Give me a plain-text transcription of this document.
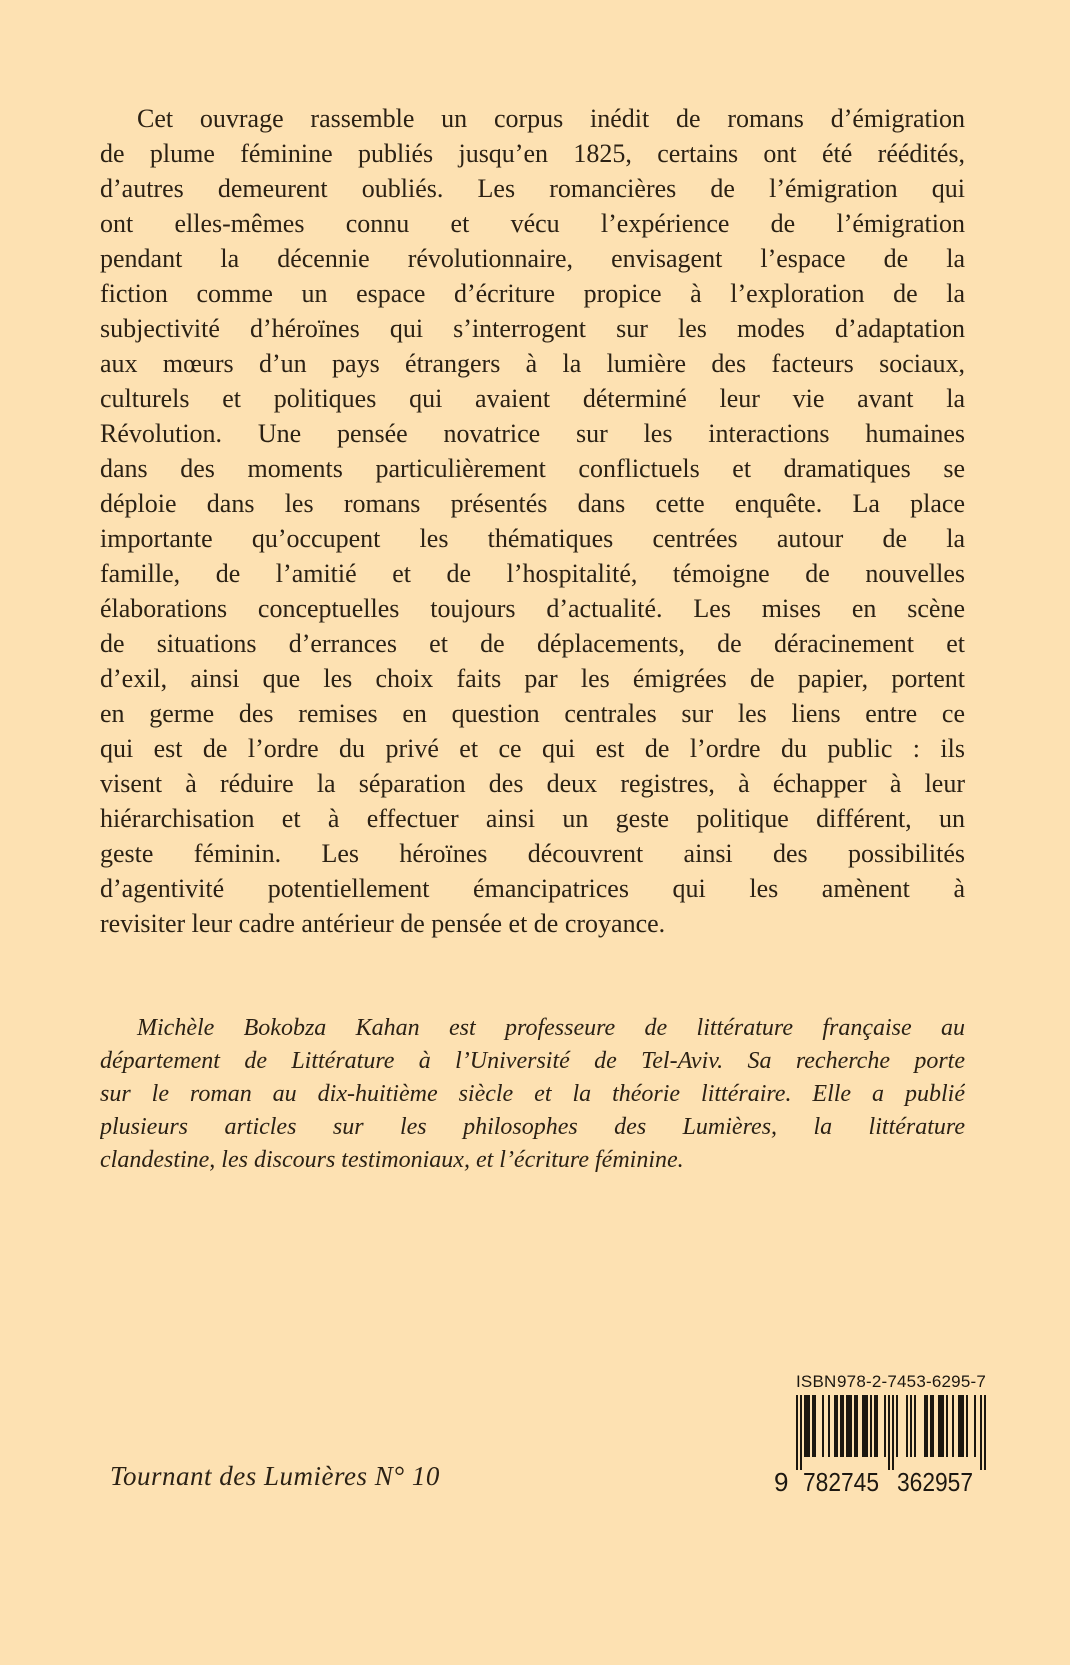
Cet ouvrage rassemble un corpus inédit de romans d’émigration
de plume féminine publiés jusqu’en 1825, certains ont été réédités,
d’autres demeurent oubliés. Les romancières de l’émigration qui
ont elles-mêmes connu et vécu l’expérience de l’émigration
pendant la décennie révolutionnaire, envisagent l’espace de la
fiction comme un espace d’écriture propice à l’exploration de la
subjectivité d’héroïnes qui s’interrogent sur les modes d’adaptation
aux mœurs d’un pays étrangers à la lumière des facteurs sociaux,
culturels et politiques qui avaient déterminé leur vie avant la
Révolution. Une pensée novatrice sur les interactions humaines
dans des moments particulièrement conflictuels et dramatiques se
déploie dans les romans présentés dans cette enquête. La place
importante qu’occupent les thématiques centrées autour de la
famille, de l’amitié et de l’hospitalité, témoigne de nouvelles
élaborations conceptuelles toujours d’actualité. Les mises en scène
de situations d’errances et de déplacements, de déracinement et
d’exil, ainsi que les choix faits par les émigrées de papier, portent
en germe des remises en question centrales sur les liens entre ce
qui est de l’ordre du privé et ce qui est de l’ordre du public : ils
visent à réduire la séparation des deux registres, à échapper à leur
hiérarchisation et à effectuer ainsi un geste politique différent, un
geste féminin. Les héroïnes découvrent ainsi des possibilités
d’agentivité potentiellement émancipatrices qui les amènent à
revisiter leur cadre antérieur de pensée et de croyance.
Michèle Bokobza Kahan est professeure de littérature française au
département de Littérature à l’Université de Tel-Aviv. Sa recherche porte
sur le roman au dix-huitième siècle et la théorie littéraire. Elle a publié
plusieurs articles sur les philosophes des Lumières, la littérature
clandestine, les discours testimoniaux, et l’écriture féminine.
Tournant des Lumières N° 10
ISBN 978-2-7453-6295-7
9 782745 362957
